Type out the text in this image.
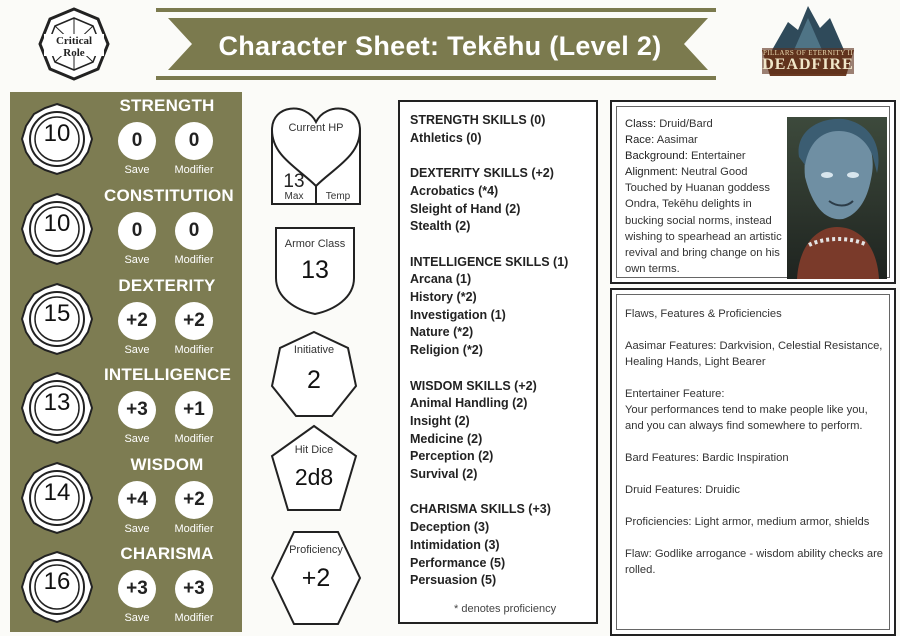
Critical
Role	Character Sheet: Tekēhu (Level 2)	PILLARS OF ETERNITY II
DEADFIRE
STRENGTH
10	0	0
Save	Modifier
CONSTITUTION
10	0	0
Save	Modifier
DEXTERITY
15	+2	+2
Save	Modifier
INTELLIGENCE
13	+3	+1
Save	Modifier
WISDOM
14	+4	+2
Save	Modifier
CHARISMA
16	+3	+3
Save	Modifier
Current HP
13
Max	Temp
Armor Class
13
Initiative
2
Hit Dice
2d8
Proficiency
+2
STRENGTH SKILLS (0)
Athletics (0)
DEXTERITY SKILLS (+2)
Acrobatics (*4)
Sleight of Hand (2)
Stealth (2)
INTELLIGENCE SKILLS (1)
Arcana (1)
History (*2)
Investigation (1)
Nature (*2)
Religion (*2)
WISDOM SKILLS (+2)
Animal Handling (2)
Insight (2)
Medicine (2)
Perception (2)
Survival (2)
CHARISMA SKILLS (+3)
Deception (3)
Intimidation (3)
Performance (5)
Persuasion (5)
* denotes proficiency
Class: Druid/Bard
Race: Aasimar
Background: Entertainer
Alignment: Neutral Good
Touched by Huanan goddess Ondra, Tekēhu delights in bucking social norms, instead wishing to spearhead an artistic revival and bring change on his own terms.

Flaws, Features & Proficiencies

Aasimar Features: Darkvision, Celestial Resistance, Healing Hands, Light Bearer

Entertainer Feature:
Your performances tend to make people like you, and you can always find somewhere to perform.

Bard Features: Bardic Inspiration

Druid Features: Druidic

Proficiencies: Light armor, medium armor, shields

Flaw: Godlike arrogance - wisdom ability checks are rolled.
